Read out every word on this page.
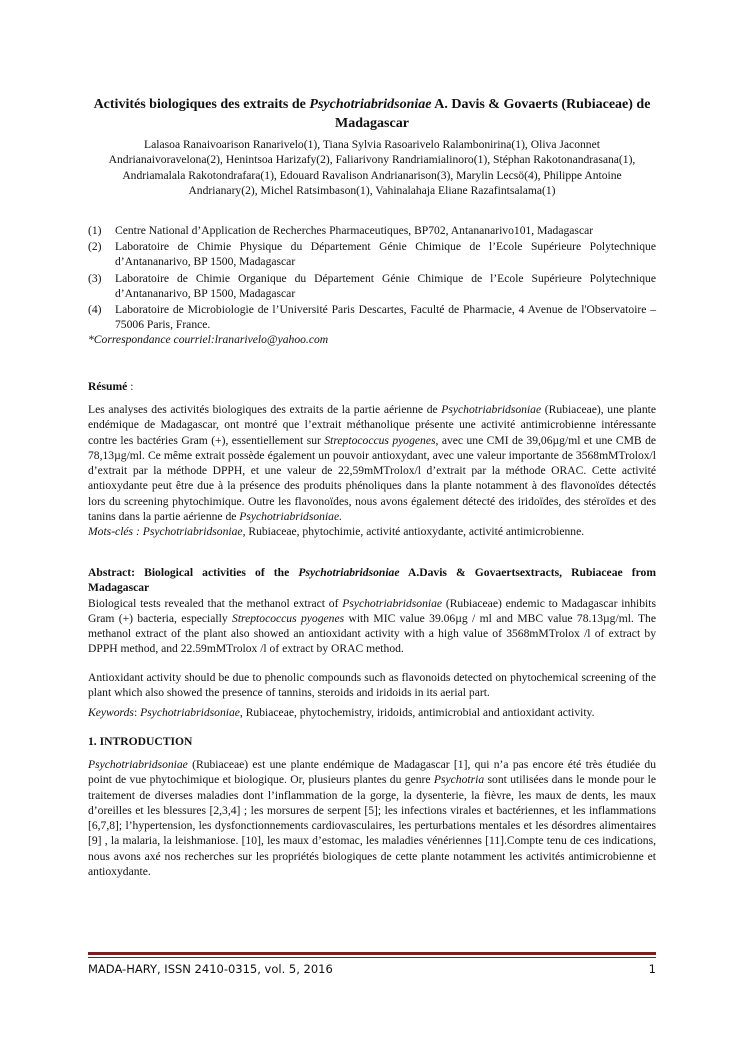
Activités biologiques des extraits de Psychotriabridsoniae A. Davis & Govaerts (Rubiaceae) de Madagascar
Lalasoa Ranaivoarison Ranarivelo(1), Tiana Sylvia Rasoarivelo Ralambonirina(1), Oliva Jaconnet Andrianaivoravelona(2), Henintsoa Harizafy(2), Faliarivony Randriamialinoro(1), Stéphan Rakotonandrasana(1), Andriamalala Rakotondrafara(1), Edouard Ravalison Andrianarison(3), Marylin Lecsö(4), Philippe Antoine Andrianary(2), Michel Ratsimbason(1), Vahinalahaja Eliane Razafintsalama(1)
(1) Centre National d’Application de Recherches Pharmaceutiques, BP702, Antananarivo101, Madagascar
(2) Laboratoire de Chimie Physique du Département Génie Chimique de l’Ecole Supérieure Polytechnique d’Antananarivo, BP 1500, Madagascar
(3) Laboratoire de Chimie Organique du Département Génie Chimique de l’Ecole Supérieure Polytechnique d’Antananarivo, BP 1500, Madagascar
(4) Laboratoire de Microbiologie de l’Université Paris Descartes, Faculté de Pharmacie, 4 Avenue de l'Observatoire – 75006 Paris, France.
*Correspondance courriel:lranarivelo@yahoo.com

Résumé :

Les analyses des activités biologiques des extraits de la partie aérienne de Psychotriabridsoniae (Rubiaceae), une plante endémique de Madagascar, ont montré que l’extrait méthanolique présente une activité antimicrobienne intéressante contre les bactéries Gram (+), essentiellement sur Streptococcus pyogenes, avec une CMI de 39,06µg/ml et une CMB de 78,13µg/ml. Ce même extrait possède également un pouvoir antioxydant, avec une valeur importante de 3568mMTrolox/l d’extrait par la méthode DPPH, et une valeur de 22,59mMTrolox/l d’extrait par la méthode ORAC. Cette activité antioxydante peut être due à la présence des produits phénoliques dans la plante notamment à des flavonoïdes détectés lors du screening phytochimique. Outre les flavonoïdes, nous avons également détecté des iridoïdes, des stéroïdes et des tanins dans la partie aérienne de Psychotriabridsoniae.
Mots-clés : Psychotriabridsoniae, Rubiaceae, phytochimie, activité antioxydante, activité antimicrobienne.

Abstract: Biological activities of the Psychotriabridsoniae A.Davis & Govaertsextracts, Rubiaceae from Madagascar
Biological tests revealed that the methanol extract of Psychotriabridsoniae (Rubiaceae) endemic to Madagascar inhibits Gram (+) bacteria, especially Streptococcus pyogenes with MIC value 39.06µg / ml and MBC value 78.13µg/ml. The methanol extract of the plant also showed an antioxidant activity with a high value of 3568mMTrolox /l of extract by DPPH method, and 22.59mMTrolox /l of extract by ORAC method.

Antioxidant activity should be due to phenolic compounds such as flavonoids detected on phytochemical screening of the plant which also showed the presence of tannins, steroids and iridoids in its aerial part.

Keywords: Psychotriabridsoniae, Rubiaceae, phytochemistry, iridoids, antimicrobial and antioxidant activity.

1. INTRODUCTION

Psychotriabridsoniae (Rubiaceae) est une plante endémique de Madagascar [1], qui n’a pas encore été très étudiée du point de vue phytochimique et biologique. Or, plusieurs plantes du genre Psychotria sont utilisées dans le monde pour le traitement de diverses maladies dont l’inflammation de la gorge, la dysenterie, la fièvre, les maux de dents, les maux d’oreilles et les blessures [2,3,4] ; les morsures de serpent [5]; les infections virales et bactériennes, et les inflammations [6,7,8]; l’hypertension, les dysfonctionnements cardiovasculaires, les perturbations mentales et les désordres alimentaires [9] , la malaria, la leishmaniose. [10], les maux d’estomac, les maladies vénériennes [11].Compte tenu de ces indications, nous avons axé nos recherches sur les propriétés biologiques de cette plante notamment les activités antimicrobienne et antioxydante.

MADA-HARY, ISSN 2410-0315, vol. 5, 2016	1
